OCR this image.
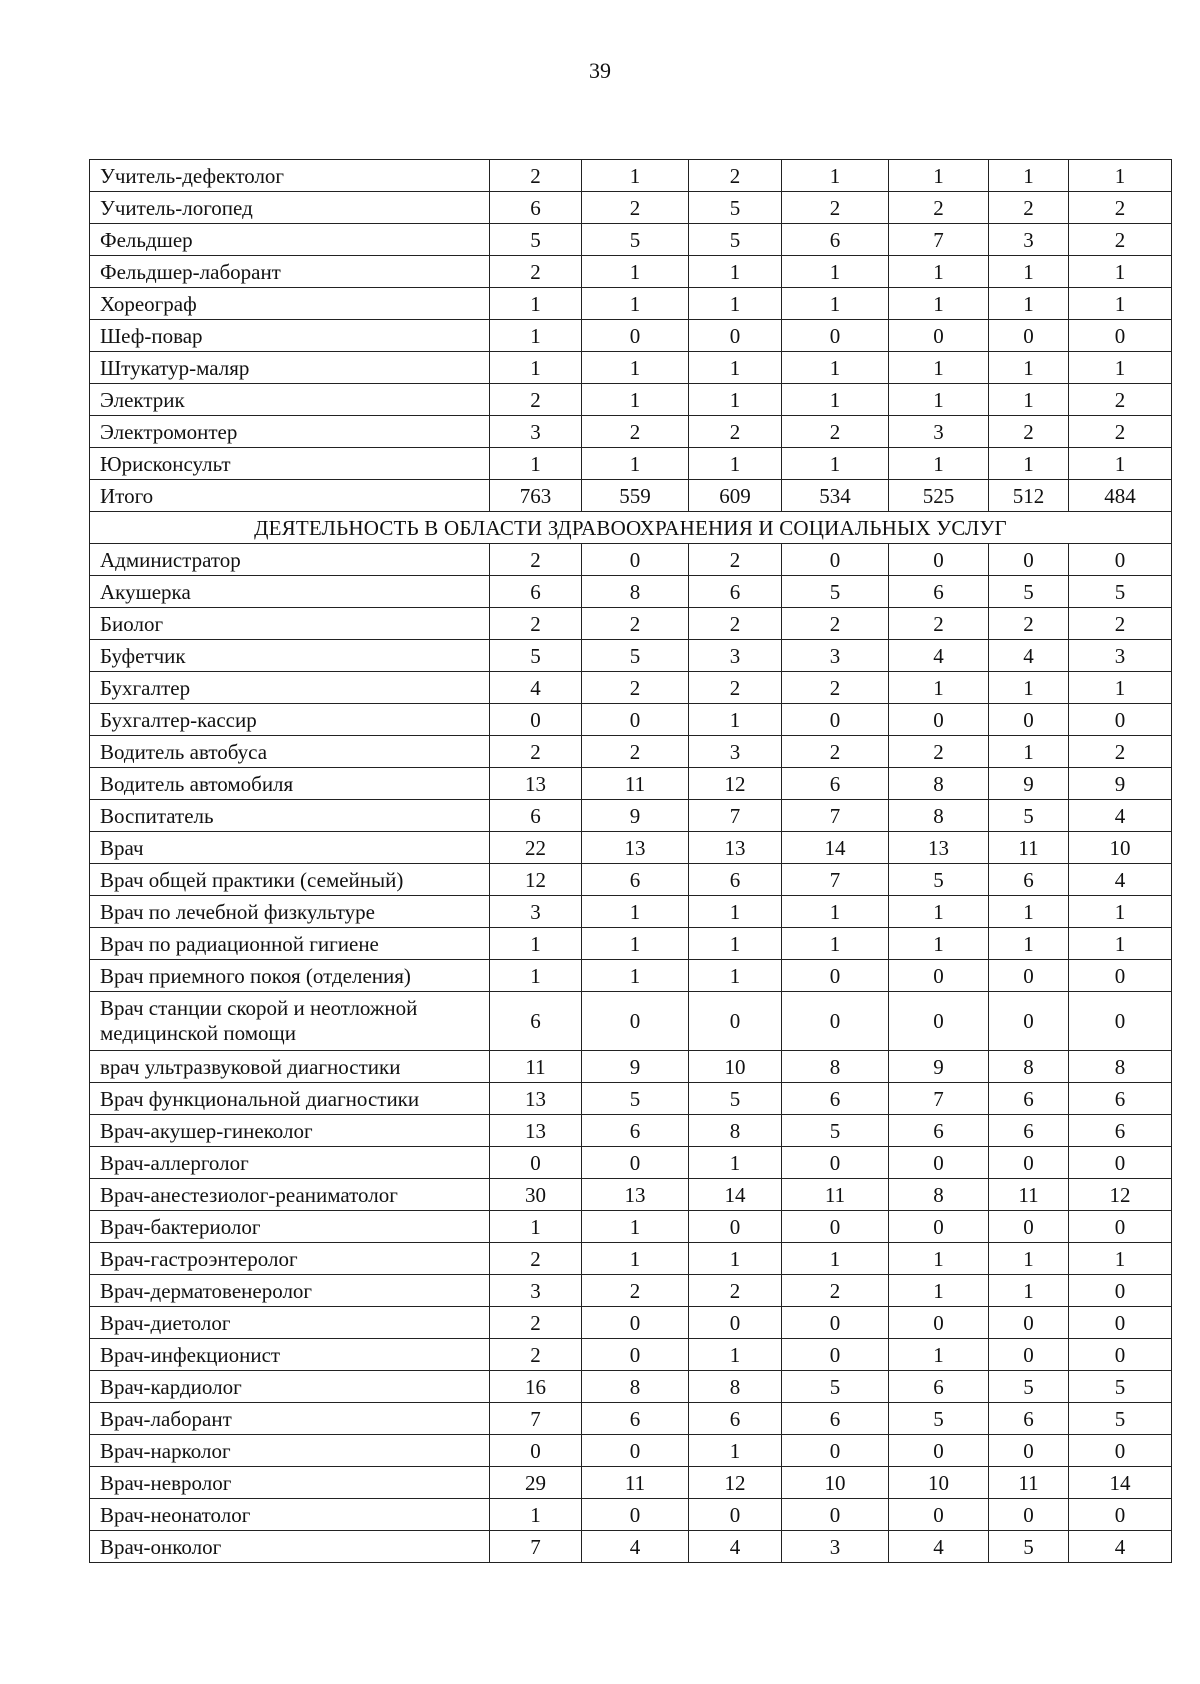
39
Учитель-дефектолог	2	1	2	1	1	1	1
Учитель-логопед	6	2	5	2	2	2	2
Фельдшер	5	5	5	6	7	3	2
Фельдшер-лаборант	2	1	1	1	1	1	1
Хореограф	1	1	1	1	1	1	1
Шеф-повар	1	0	0	0	0	0	0
Штукатур-маляр	1	1	1	1	1	1	1
Электрик	2	1	1	1	1	1	2
Электромонтер	3	2	2	2	3	2	2
Юрисконсульт	1	1	1	1	1	1	1
Итого	763	559	609	534	525	512	484
ДЕЯТЕЛЬНОСТЬ В ОБЛАСТИ ЗДРАВООХРАНЕНИЯ И СОЦИАЛЬНЫХ УСЛУГ							
Администратор	2	0	2	0	0	0	0
Акушерка	6	8	6	5	6	5	5
Биолог	2	2	2	2	2	2	2
Буфетчик	5	5	3	3	4	4	3
Бухгалтер	4	2	2	2	1	1	1
Бухгалтер-кассир	0	0	1	0	0	0	0
Водитель автобуса	2	2	3	2	2	1	2
Водитель автомобиля	13	11	12	6	8	9	9
Воспитатель	6	9	7	7	8	5	4
Врач	22	13	13	14	13	11	10
Врач общей практики (семейный)	12	6	6	7	5	6	4
Врач по лечебной физкультуре	3	1	1	1	1	1	1
Врач по радиационной гигиене	1	1	1	1	1	1	1
Врач приемного покоя (отделения)	1	1	1	0	0	0	0
Врач станции скорой и неотложной медицинской помощи	6	0	0	0	0	0	0
врач ультразвуковой диагностики	11	9	10	8	9	8	8
Врач функциональной диагностики	13	5	5	6	7	6	6
Врач-акушер-гинеколог	13	6	8	5	6	6	6
Врач-аллерголог	0	0	1	0	0	0	0
Врач-анестезиолог-реаниматолог	30	13	14	11	8	11	12
Врач-бактериолог	1	1	0	0	0	0	0
Врач-гастроэнтеролог	2	1	1	1	1	1	1
Врач-дерматовенеролог	3	2	2	2	1	1	0
Врач-диетолог	2	0	0	0	0	0	0
Врач-инфекционист	2	0	1	0	1	0	0
Врач-кардиолог	16	8	8	5	6	5	5
Врач-лаборант	7	6	6	6	5	6	5
Врач-нарколог	0	0	1	0	0	0	0
Врач-невролог	29	11	12	10	10	11	14
Врач-неонатолог	1	0	0	0	0	0	0
Врач-онколог	7	4	4	3	4	5	4
